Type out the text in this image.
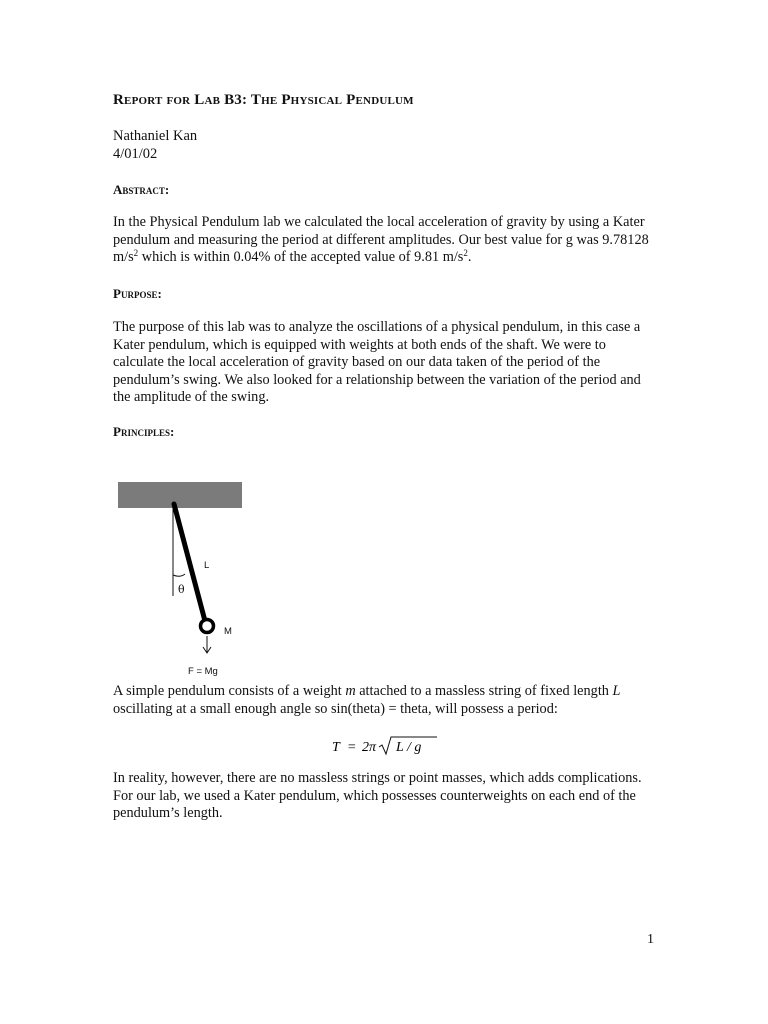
Report for Lab B3: The Physical Pendulum

Nathaniel Kan

4/01/02

Abstract:

In the Physical Pendulum lab we calculated the local acceleration of gravity by using a Kater pendulum and measuring the period at different amplitudes. Our best value for g was 9.78128 $m/s^2$ which is within 0.04% of the accepted value of 9.81 $m/s^2$.

Purpose:

The purpose of this lab was to analyze the oscillations of a physical pendulum, in this case a Kater pendulum, which is equipped with weights at both ends of the shaft. We were to calculate the local acceleration of gravity based on our data taken of the period of the pendulum’s swing. We also looked for a relationship between the variation of the period and the amplitude of the swing.

Principles:
L
θ
M
F = Mg

A simple pendulum consists of a weight m attached to a massless string of fixed length L oscillating at a small enough angle so sin(theta) = theta, will possess a period:

T = 2π L / g

In reality, however, there are no massless strings or point masses, which adds complications. For our lab, we used a Kater pendulum, which possesses counterweights on each end of the pendulum’s length.

1
